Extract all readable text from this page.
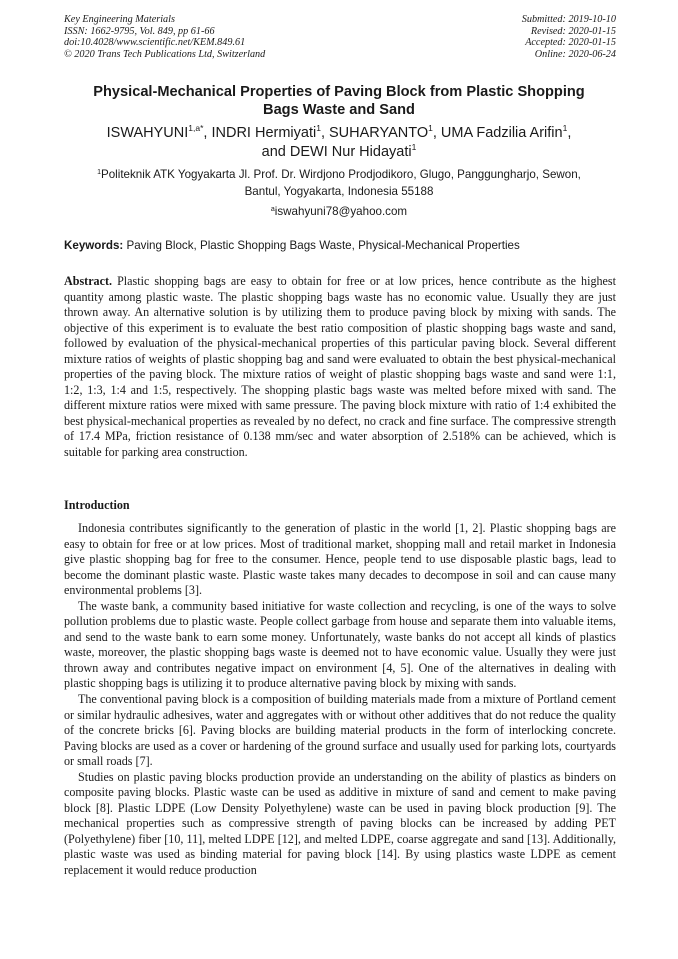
Key Engineering Materials
ISSN: 1662-9795, Vol. 849, pp 61-66
doi:10.4028/www.scientific.net/KEM.849.61
© 2020 Trans Tech Publications Ltd, Switzerland
Submitted: 2019-10-10
Revised: 2020-01-15
Accepted: 2020-01-15
Online: 2020-06-24
Physical-Mechanical Properties of Paving Block from Plastic Shopping
Bags Waste and Sand
$ISWAHYUNI^{1,a*}$, INDRI Hermiyati$^1$, SUHARYANTO$^1$, UMA Fadzilia Arifin$^1$,
and DEWI Nur Hidayati$^1$
$^1$Politeknik ATK Yogyakarta Jl. Prof. Dr. Wirdjono Prodjodikoro, Glugo, Panggungharjo, Sewon,
Bantul, Yogyakarta, Indonesia 55188
$^a$iswahyuni78@yahoo.com
Keywords: Paving Block, Plastic Shopping Bags Waste, Physical-Mechanical Properties
Abstract. Plastic shopping bags are easy to obtain for free or at low prices, hence contribute as the highest quantity among plastic waste. The plastic shopping bags waste has no economic value. Usually they are just thrown away. An alternative solution is by utilizing them to produce paving block by mixing with sands. The objective of this experiment is to evaluate the best ratio composition of plastic shopping bags waste and sand, followed by evaluation of the physical-mechanical properties of this particular paving block. Several different mixture ratios of weights of plastic shopping bag and sand were evaluated to obtain the best physical-mechanical properties of the paving block. The mixture ratios of weight of plastic shopping bags waste and sand were 1:1, 1:2, 1:3, 1:4 and 1:5, respectively. The shopping plastic bags waste was melted before mixed with sand. The different mixture ratios were mixed with same pressure. The paving block mixture with ratio of 1:4 exhibited the best physical-mechanical properties as revealed by no defect, no crack and fine surface. The compressive strength of 17.4 MPa, friction resistance of 0.138 mm/sec and water absorption of 2.518% can be achieved, which is suitable for parking area construction.
Introduction

Indonesia contributes significantly to the generation of plastic in the world [1, 2]. Plastic shopping bags are easy to obtain for free or at low prices. Most of traditional market, shopping mall and retail market in Indonesia give plastic shopping bag for free to the consumer. Hence, people tend to use disposable plastic bags, lead to become the dominant plastic waste. Plastic waste takes many decades to decompose in soil and can cause many environmental problems [3].

The waste bank, a community based initiative for waste collection and recycling, is one of the ways to solve pollution problems due to plastic waste. People collect garbage from house and separate them into valuable items, and send to the waste bank to earn some money. Unfortunately, waste banks do not accept all kinds of plastics waste, moreover, the plastic shopping bags waste is deemed not to have economic value. Usually they were just thrown away and contributes negative impact on environment [4, 5]. One of the alternatives in dealing with plastic shopping bags is utilizing it to produce alternative paving block by mixing with sands.

The conventional paving block is a composition of building materials made from a mixture of Portland cement or similar hydraulic adhesives, water and aggregates with or without other additives that do not reduce the quality of the concrete bricks [6]. Paving blocks are building material products in the form of interlocking concrete. Paving blocks are used as a cover or hardening of the ground surface and usually used for parking lots, courtyards or small roads [7].

Studies on plastic paving blocks production provide an understanding on the ability of plastics as binders on composite paving blocks. Plastic waste can be used as additive in mixture of sand and cement to make paving block [8]. Plastic LDPE (Low Density Polyethylene) waste can be used in paving block production [9]. The mechanical properties such as compressive strength of paving blocks can be increased by adding PET (Polyethylene) fiber [10, 11], melted LDPE [12], and melted LDPE, coarse aggregate and sand [13]. Additionally, plastic waste was used as binding material for paving block [14]. By using plastics waste LDPE as cement replacement it would reduce production
